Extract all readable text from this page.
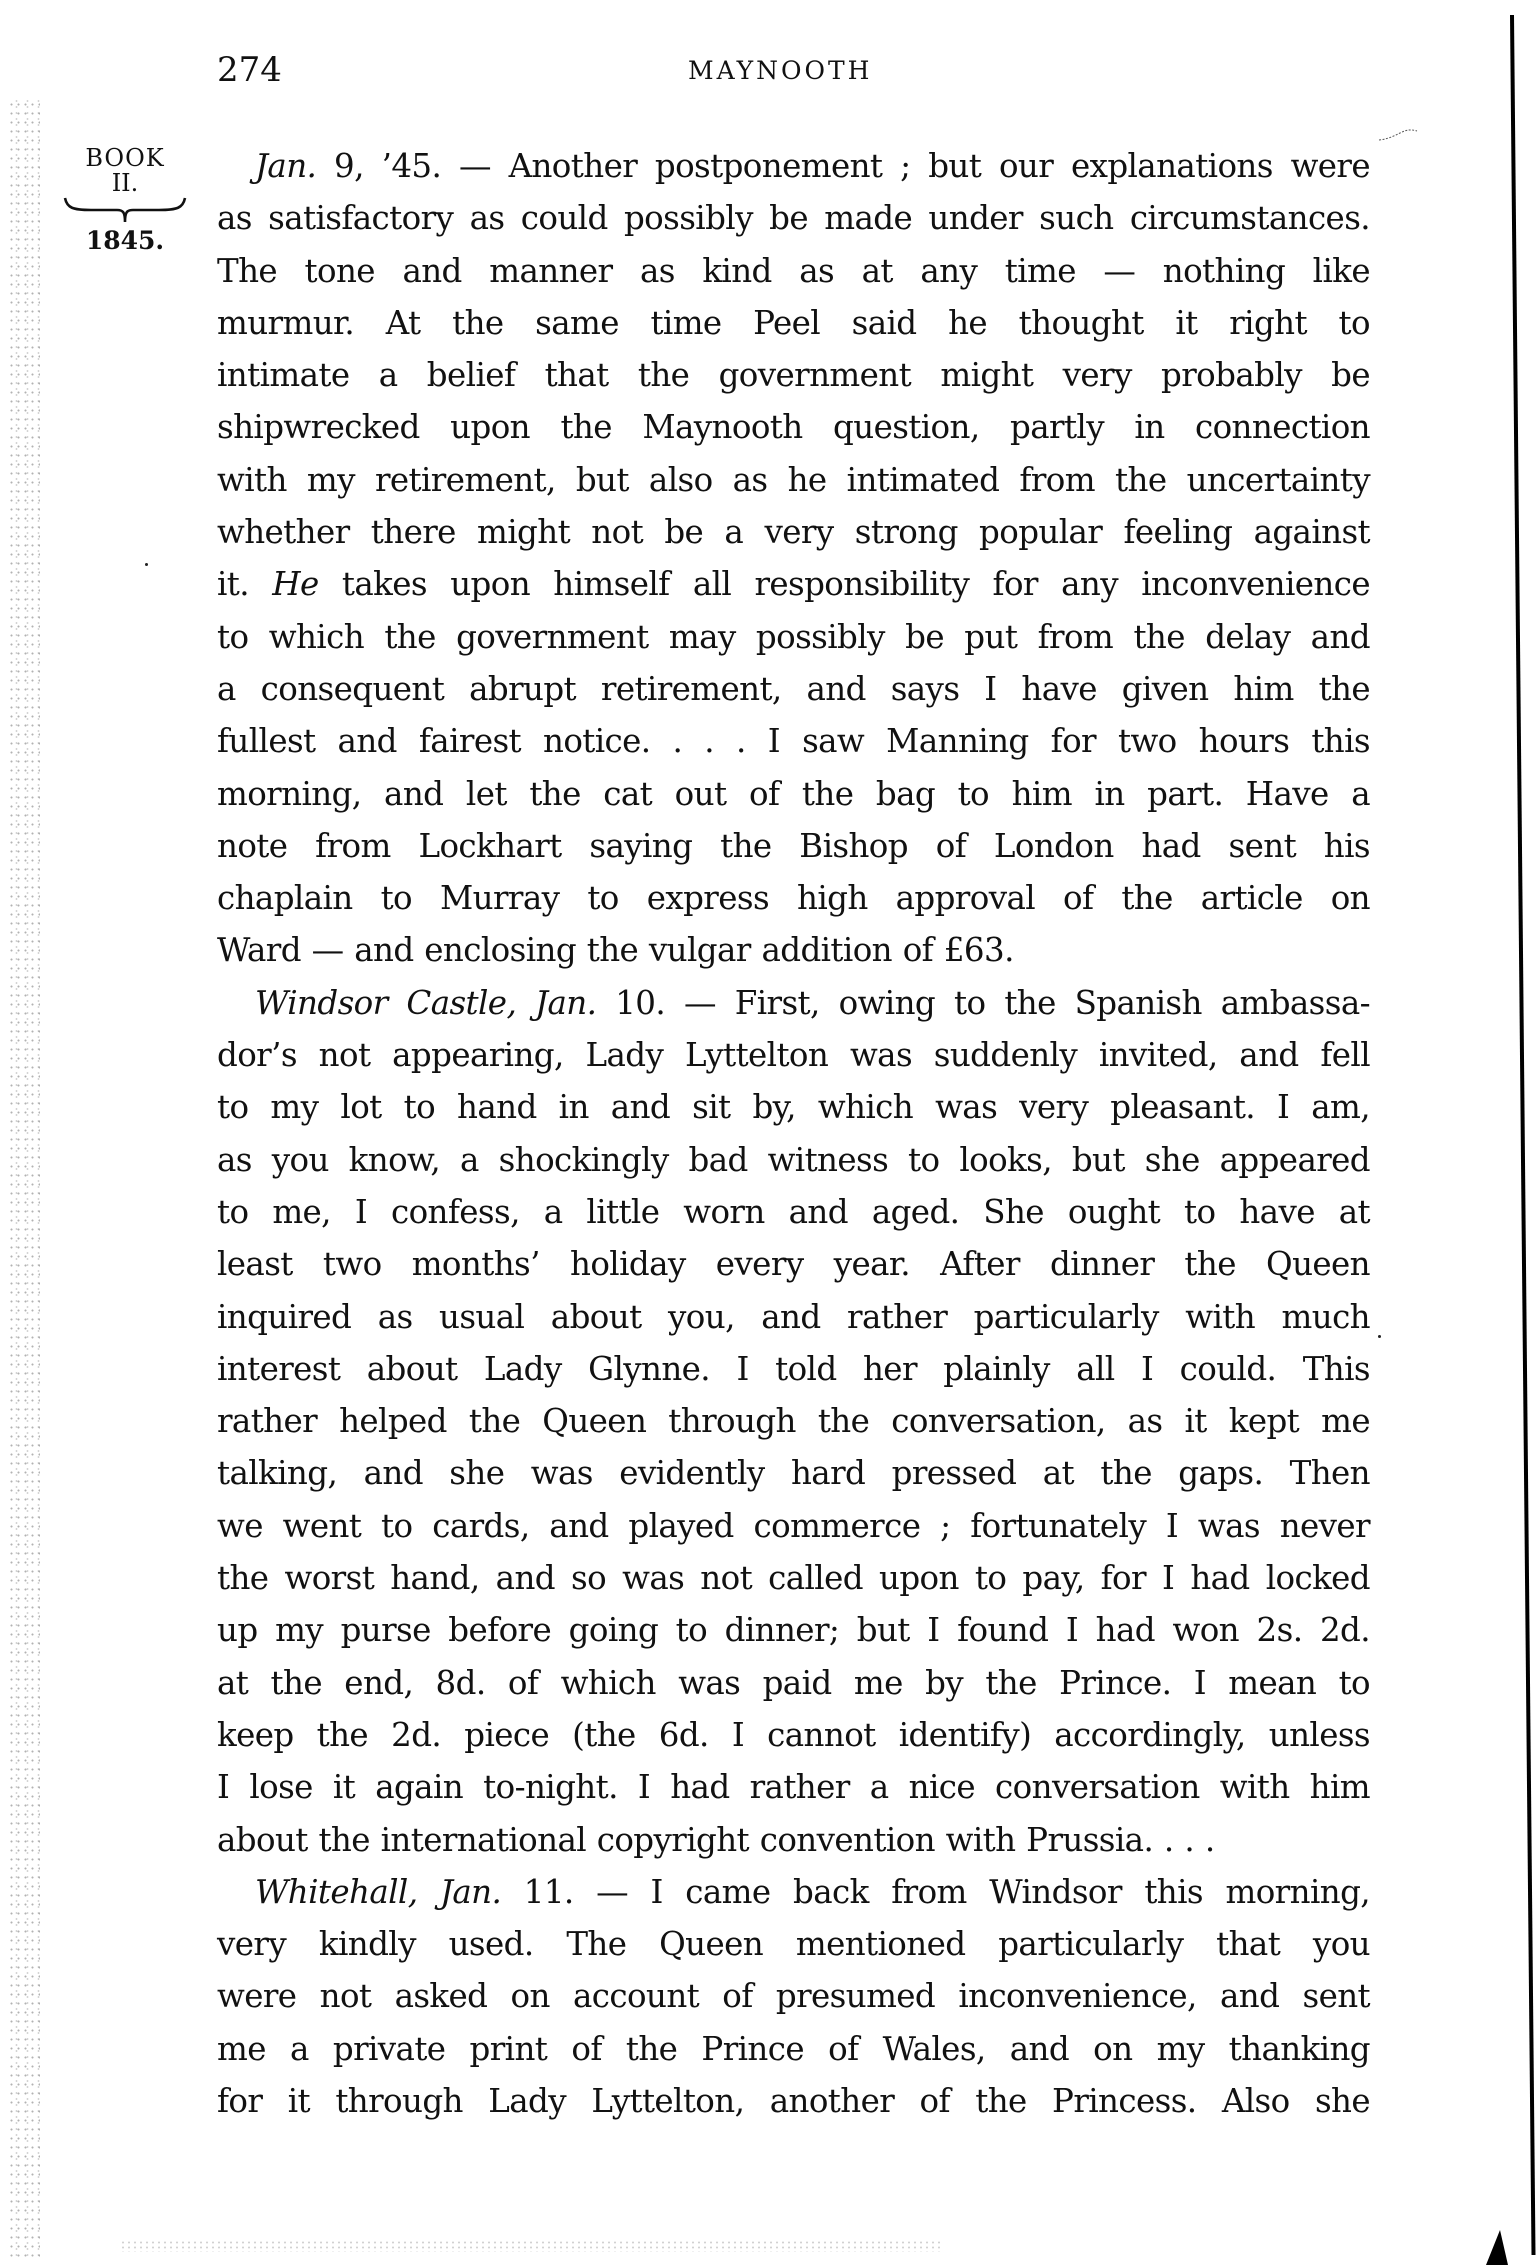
274	MAYNOOTH
BOOK
II.
1845.
Jan. 9, ’45. — Another postponement ; but our explanations were
as satisfactory as could possibly be made under such circumstances.
The tone and manner as kind as at any time — nothing like
murmur. At the same time Peel said he thought it right to
intimate a belief that the government might very probably be
shipwrecked upon the Maynooth question, partly in connection
with my retirement, but also as he intimated from the uncertainty
whether there might not be a very strong popular feeling against
it. He takes upon himself all responsibility for any inconvenience
to which the government may possibly be put from the delay and
a consequent abrupt retirement, and says I have given him the
fullest and fairest notice. . . . I saw Manning for two hours this
morning, and let the cat out of the bag to him in part. Have a
note from Lockhart saying the Bishop of London had sent his
chaplain to Murray to express high approval of the article on
Ward — and enclosing the vulgar addition of £63.
Windsor Castle, Jan. 10. — First, owing to the Spanish ambassa-
dor’s not appearing, Lady Lyttelton was suddenly invited, and fell
to my lot to hand in and sit by, which was very pleasant. I am,
as you know, a shockingly bad witness to looks, but she appeared
to me, I confess, a little worn and aged. She ought to have at
least two months’ holiday every year. After dinner the Queen
inquired as usual about you, and rather particularly with much
interest about Lady Glynne. I told her plainly all I could. This
rather helped the Queen through the conversation, as it kept me
talking, and she was evidently hard pressed at the gaps. Then
we went to cards, and played commerce ; fortunately I was never
the worst hand, and so was not called upon to pay, for I had locked
up my purse before going to dinner; but I found I had won 2s. 2d.
at the end, 8d. of which was paid me by the Prince. I mean to
keep the 2d. piece (the 6d. I cannot identify) accordingly, unless
I lose it again to-night. I had rather a nice conversation with him
about the international copyright convention with Prussia. . . .
Whitehall, Jan. 11. — I came back from Windsor this morning,
very kindly used. The Queen mentioned particularly that you
were not asked on account of presumed inconvenience, and sent
me a private print of the Prince of Wales, and on my thanking
for it through Lady Lyttelton, another of the Princess. Also she
